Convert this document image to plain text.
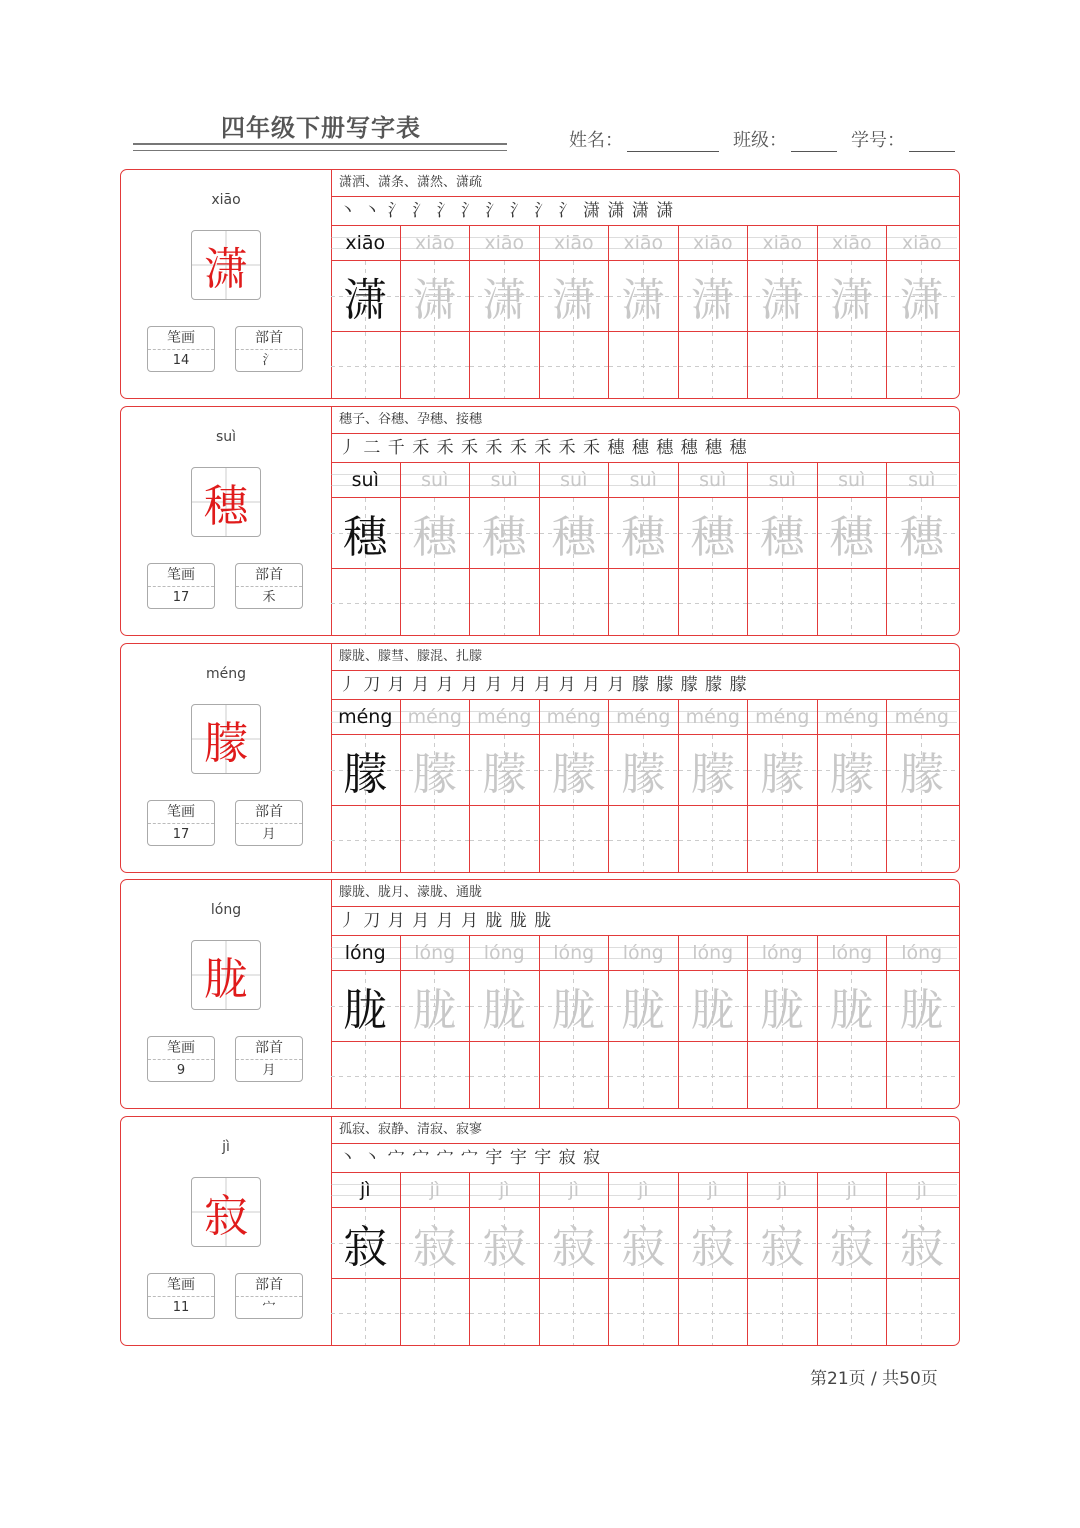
四年级下册写字表	姓名：	班级：	学号：
xiāo
潇
笔画
14
部首
氵
潇洒、潇条、潇然、潇疏
丶 丶 氵 氵 氵 氵 氵 氵 氵 氵 潇 潇 潇 潇
xiāo	xiāo	xiāo	xiāo	xiāo	xiāo	xiāo	xiāo	xiāo
潇 潇 潇 潇 潇 潇 潇 潇 潇
suì
穗
笔画
17
部首
禾
穗子、谷穗、孕穗、接穗
丿 二 千 禾 禾 禾 禾 禾 禾 禾 禾 穗 穗 穗 穗 穗 穗
suì	suì	suì	suì	suì	suì	suì	suì	suì
穗 穗 穗 穗 穗 穗 穗 穗 穗
méng
朦
笔画
17
部首
月
朦胧、朦彗、朦混、扎朦
丿 刀 月 月 月 月 月 月 月 月 月 月 朦 朦 朦 朦 朦
méng méng méng méng méng méng méng méng méng
朦 朦 朦 朦 朦 朦 朦 朦 朦
lóng
胧
笔画
9
部首
月
朦胧、胧月、濛胧、通胧
丿 刀 月 月 月 月 胧 胧 胧
lóng	lóng	lóng	lóng	lóng	lóng	lóng	lóng	lóng
胧 胧 胧 胧 胧 胧 胧 胧 胧
jì
寂
笔画
11
部首
宀
孤寂、寂静、清寂、寂寥
丶 丶 宀 宀 宀 宀 宇 宇 宇 寂 寂
jì	jì	jì	jì	jì	jì	jì	jì	jì
寂 寂 寂 寂 寂 寂 寂 寂 寂
第21页 / 共50页
